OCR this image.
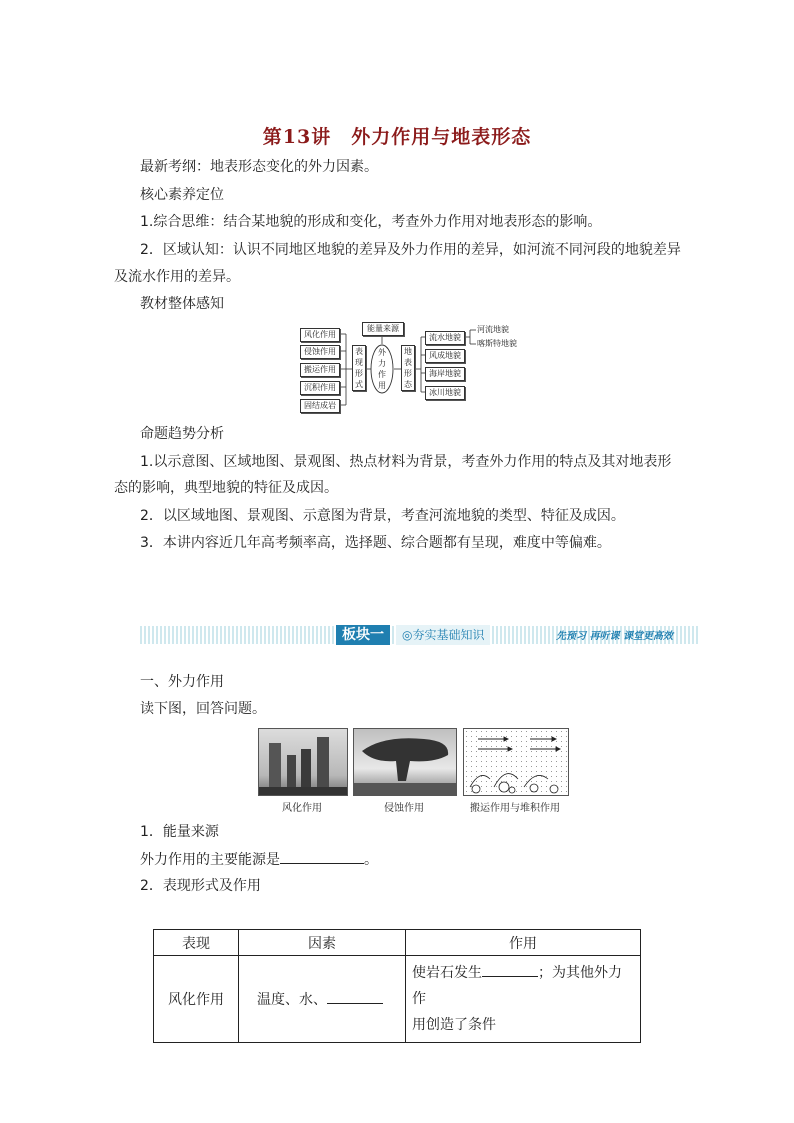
第13讲　外力作用与地表形态
最新考纲：地表形态变化的外力因素。
核心素养定位
1.综合思维：结合某地貌的形成和变化，考查外力作用对地表形态的影响。
2．区域认知：认识不同地区地貌的差异及外力作用的差异，如河流不同河段的地貌差异
及流水作用的差异。
教材整体感知
风化作用
侵蚀作用
搬运作用
沉积作用
固结成岩
表现形式
能量来源
外力作用
地表形态
流水地貌
风成地貌
海岸地貌
冰川地貌
河流地貌
喀斯特地貌
命题趋势分析
1.以示意图、区域地图、景观图、热点材料为背景，考查外力作用的特点及其对地表形
态的影响，典型地貌的特征及成因。
2．以区域地图、景观图、示意图为背景，考查河流地貌的类型、特征及成因。
3．本讲内容近几年高考频率高，选择题、综合题都有呈现，难度中等偏难。
板块一	◎夯实基础知识	先预习 再听课 课堂更高效
一、外力作用
读下图，回答问题。
风化作用	侵蚀作用	搬运作用与堆积作用
1．能量来源
外力作用的主要能源是	。
2．表现形式及作用
表现	因素	作用
风化作用	温度、水、	使岩石发生 ；为其他外力作
用创造了条件
